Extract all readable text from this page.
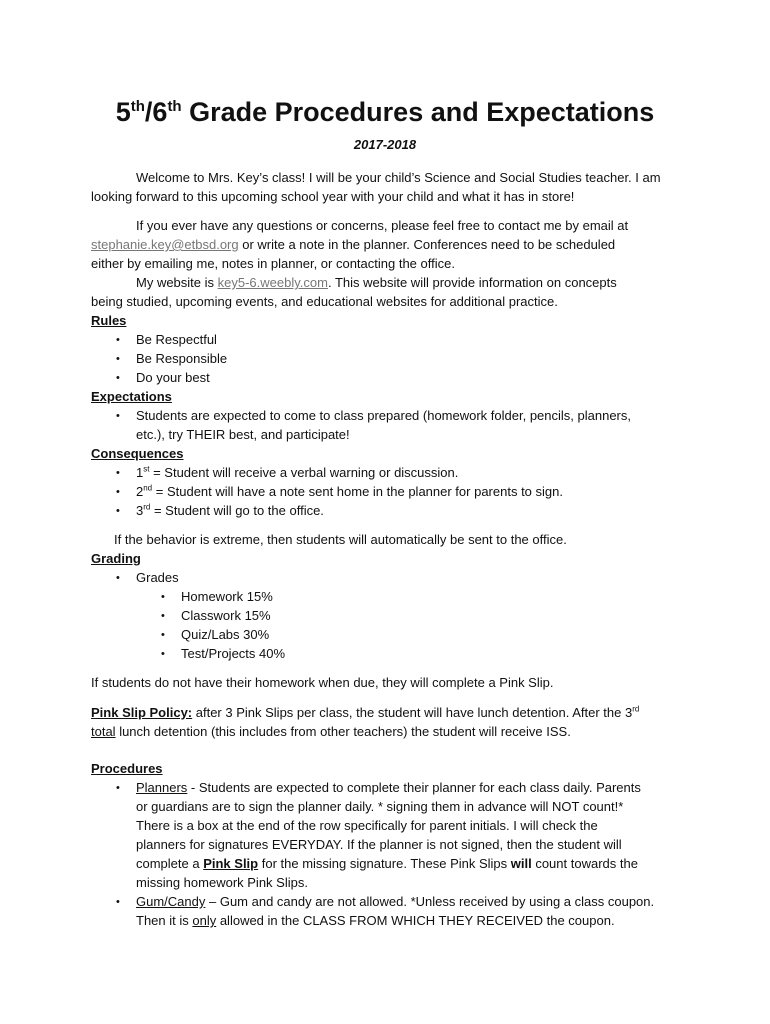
5th/6th Grade Procedures and Expectations
2017-2018
Welcome to Mrs. Key’s class! I will be your child’s Science and Social Studies teacher. I am
looking forward to this upcoming school year with your child and what it has in store!
If you ever have any questions or concerns, please feel free to contact me by email at
stephanie.key@etbsd.org or write a note in the planner. Conferences need to be scheduled
either by emailing me, notes in planner, or contacting the office.
My website is key5-6.weebly.com. This website will provide information on concepts
being studied, upcoming events, and educational websites for additional practice.
Rules
• Be Respectful
• Be Responsible
• Do your best
Expectations
• Students are expected to come to class prepared (homework folder, pencils, planners,
etc.), try THEIR best, and participate!
Consequences
• 1st = Student will receive a verbal warning or discussion.
• 2nd = Student will have a note sent home in the planner for parents to sign.
• 3rd = Student will go to the office.
If the behavior is extreme, then students will automatically be sent to the office.
Grading
• Grades
• Homework 15%
• Classwork 15%
• Quiz/Labs 30%
• Test/Projects 40%
If students do not have their homework when due, they will complete a Pink Slip.
Pink Slip Policy: after 3 Pink Slips per class, the student will have lunch detention. After the 3rd
total lunch detention (this includes from other teachers) the student will receive ISS.
Procedures
• Planners - Students are expected to complete their planner for each class daily. Parents
or guardians are to sign the planner daily. * signing them in advance will NOT count!*
There is a box at the end of the row specifically for parent initials. I will check the
planners for signatures EVERYDAY. If the planner is not signed, then the student will
complete a Pink Slip for the missing signature. These Pink Slips will count towards the
missing homework Pink Slips.
• Gum/Candy – Gum and candy are not allowed. *Unless received by using a class coupon.
Then it is only allowed in the CLASS FROM WHICH THEY RECEIVED the coupon.
